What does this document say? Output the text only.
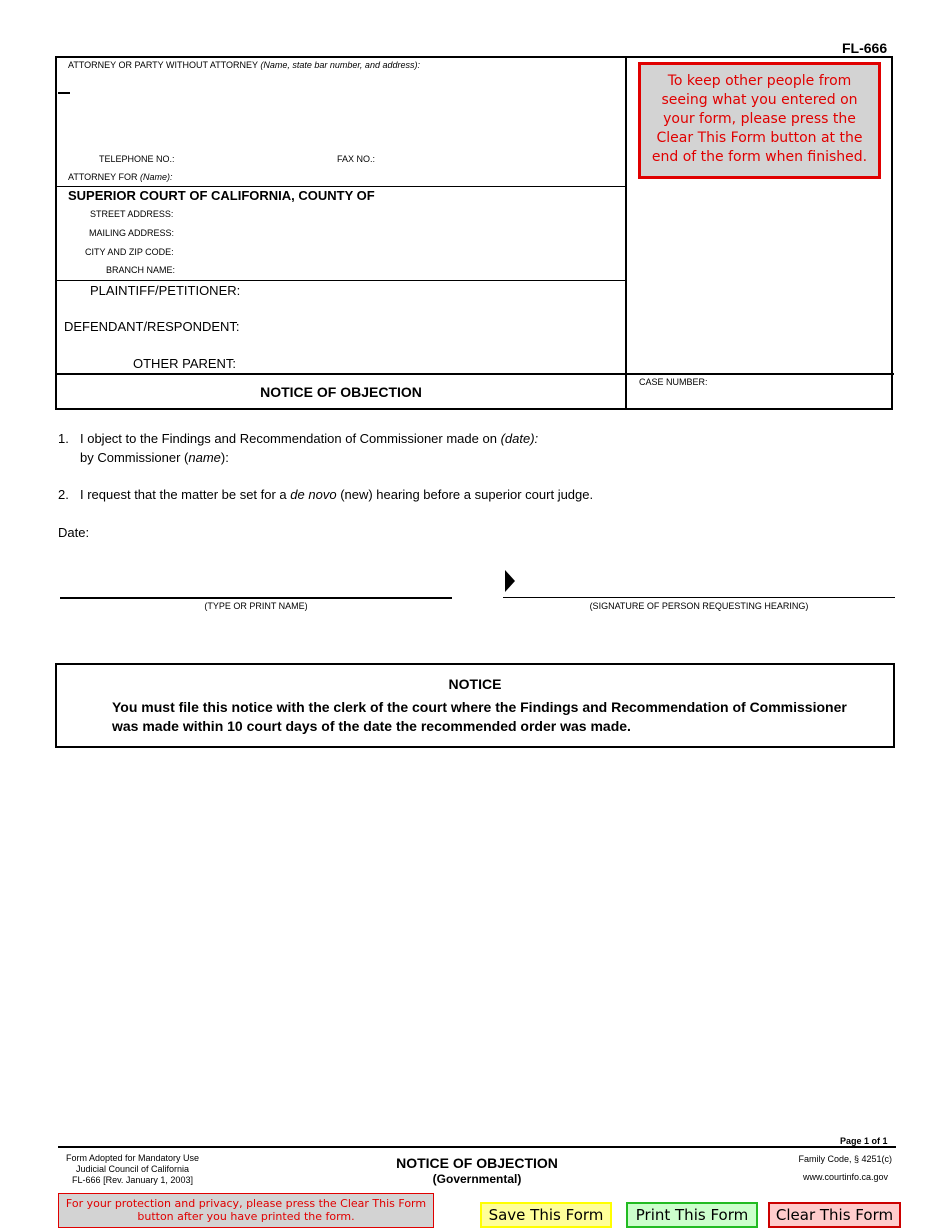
FL-666
ATTORNEY OR PARTY WITHOUT ATTORNEY (Name, state bar number, and address):
TELEPHONE NO.:	FAX NO.:
ATTORNEY FOR (Name):
SUPERIOR COURT OF CALIFORNIA, COUNTY OF
STREET ADDRESS:
MAILING ADDRESS:
CITY AND ZIP CODE:
BRANCH NAME:
PLAINTIFF/PETITIONER:
DEFENDANT/RESPONDENT:
OTHER PARENT:
NOTICE OF OBJECTION
CASE NUMBER:
To keep other people from seeing what you entered on your form, please press the Clear This Form button at the end of the form when finished.
1. I object to the Findings and Recommendation of Commissioner made on (date):
by Commissioner (name):
2. I request that the matter be set for a de novo (new) hearing before a superior court judge.
Date:
(TYPE OR PRINT NAME)	(SIGNATURE OF PERSON REQUESTING HEARING)
NOTICE
You must file this notice with the clerk of the court where the Findings and Recommendation of Commissioner was made within 10 court days of the date the recommended order was made.
Page 1 of 1
Form Adopted for Mandatory Use
Judicial Council of California
FL-666 [Rev. January 1, 2003]
NOTICE OF OBJECTION
(Governmental)
Family Code, § 4251(c)
www.courtinfo.ca.gov
For your protection and privacy, please press the Clear This Form button after you have printed the form.	Save This Form	Print This Form	Clear This Form
